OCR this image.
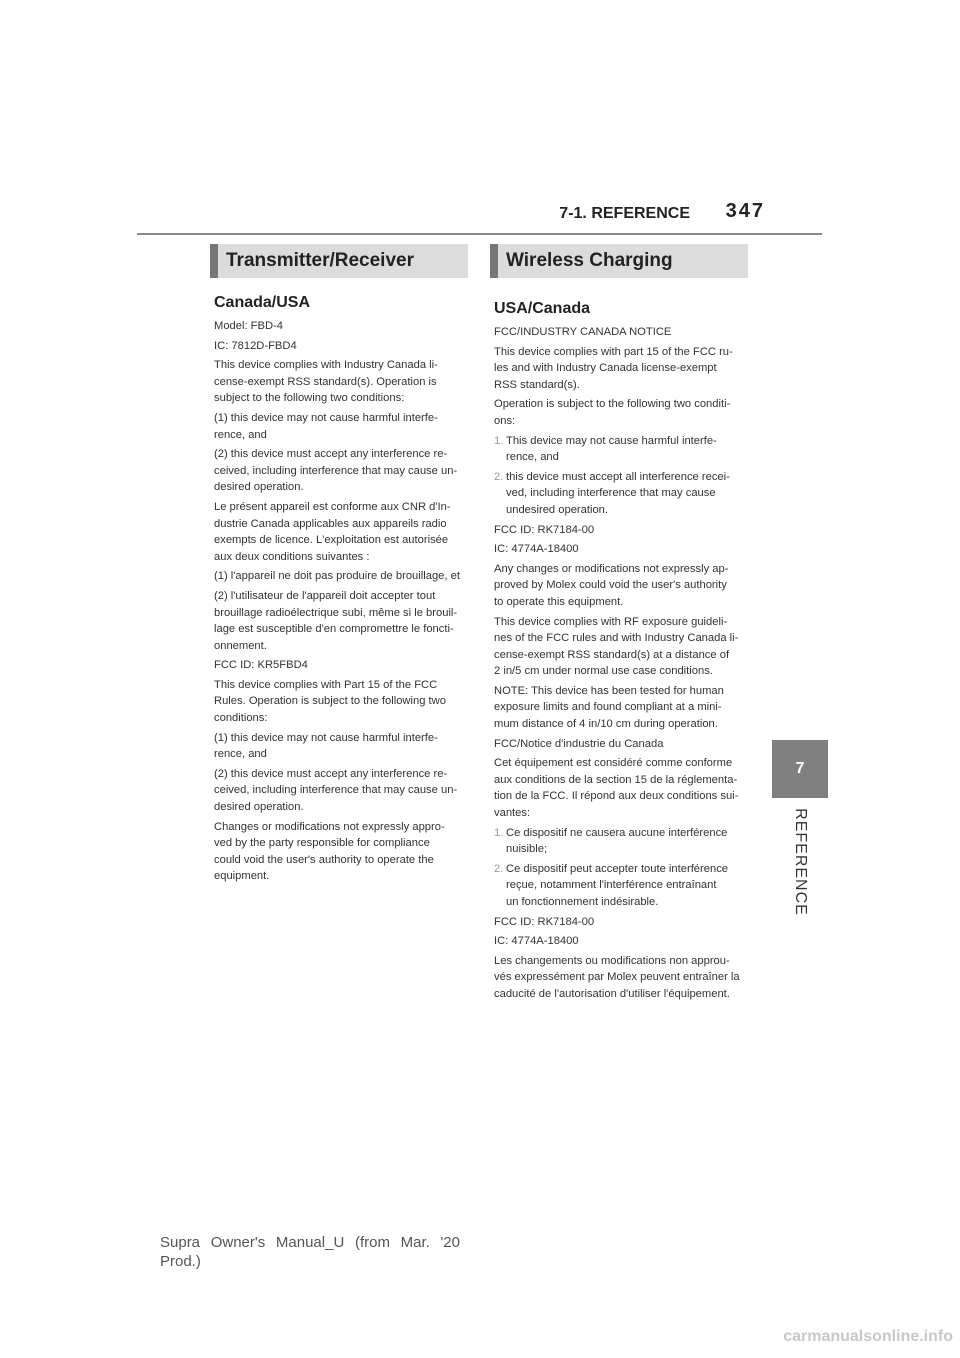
7-1. REFERENCE	347
7
REFERENCE
Transmitter/Receiver
Canada/USA
Model: FBD-4
IC: 7812D-FBD4
This device complies with Industry Canada li-
cense-exempt RSS standard(s). Operation is
subject to the following two conditions:
(1) this device may not cause harmful interfe-
rence, and
(2) this device must accept any interference re-
ceived, including interference that may cause un-
desired operation.
Le présent appareil est conforme aux CNR d'In-
dustrie Canada applicables aux appareils radio
exempts de licence. L'exploitation est autorisée
aux deux conditions suivantes :
(1) l'appareil ne doit pas produire de brouillage, et
(2) l'utilisateur de l'appareil doit accepter tout
brouillage radioélectrique subi, même si le brouil-
lage est susceptible d'en compromettre le foncti-
onnement.
FCC ID: KR5FBD4
This device complies with Part 15 of the FCC
Rules. Operation is subject to the following two
conditions:
(1) this device may not cause harmful interfe-
rence, and
(2) this device must accept any interference re-
ceived, including interference that may cause un-
desired operation.
Changes or modifications not expressly appro-
ved by the party responsible for compliance
could void the user's authority to operate the
equipment.
Wireless Charging
USA/Canada
FCC/INDUSTRY CANADA NOTICE
This device complies with part 15 of the FCC ru-
les and with Industry Canada license-exempt
RSS standard(s).
Operation is subject to the following two conditi-
ons:
1. This device may not cause harmful interfe-
rence, and
2. this device must accept all interference recei-
ved, including interference that may cause
undesired operation.
FCC ID: RK7184-00
IC: 4774A-18400
Any changes or modifications not expressly ap-
proved by Molex could void the user's authority
to operate this equipment.
This device complies with RF exposure guideli-
nes of the FCC rules and with Industry Canada li-
cense-exempt RSS standard(s) at a distance of
2 in/5 cm under normal use case conditions.
NOTE: This device has been tested for human
exposure limits and found compliant at a mini-
mum distance of 4 in/10 cm during operation.
FCC/Notice d'industrie du Canada
Cet équipement est considéré comme conforme
aux conditions de la section 15 de la réglementa-
tion de la FCC. Il répond aux deux conditions sui-
vantes:
1. Ce dispositif ne causera aucune interférence
nuisible;
2. Ce dispositif peut accepter toute interférence
reçue, notamment l'interférence entraînant
un fonctionnement indésirable.
FCC ID: RK7184-00
IC: 4774A-18400
Les changements ou modifications non approu-
vés expressément par Molex peuvent entraîner la
caducité de l'autorisation d'utiliser l'équipement.
Supra Owner's Manual_U (from Mar. '20 Prod.)
carmanualsonline.info
